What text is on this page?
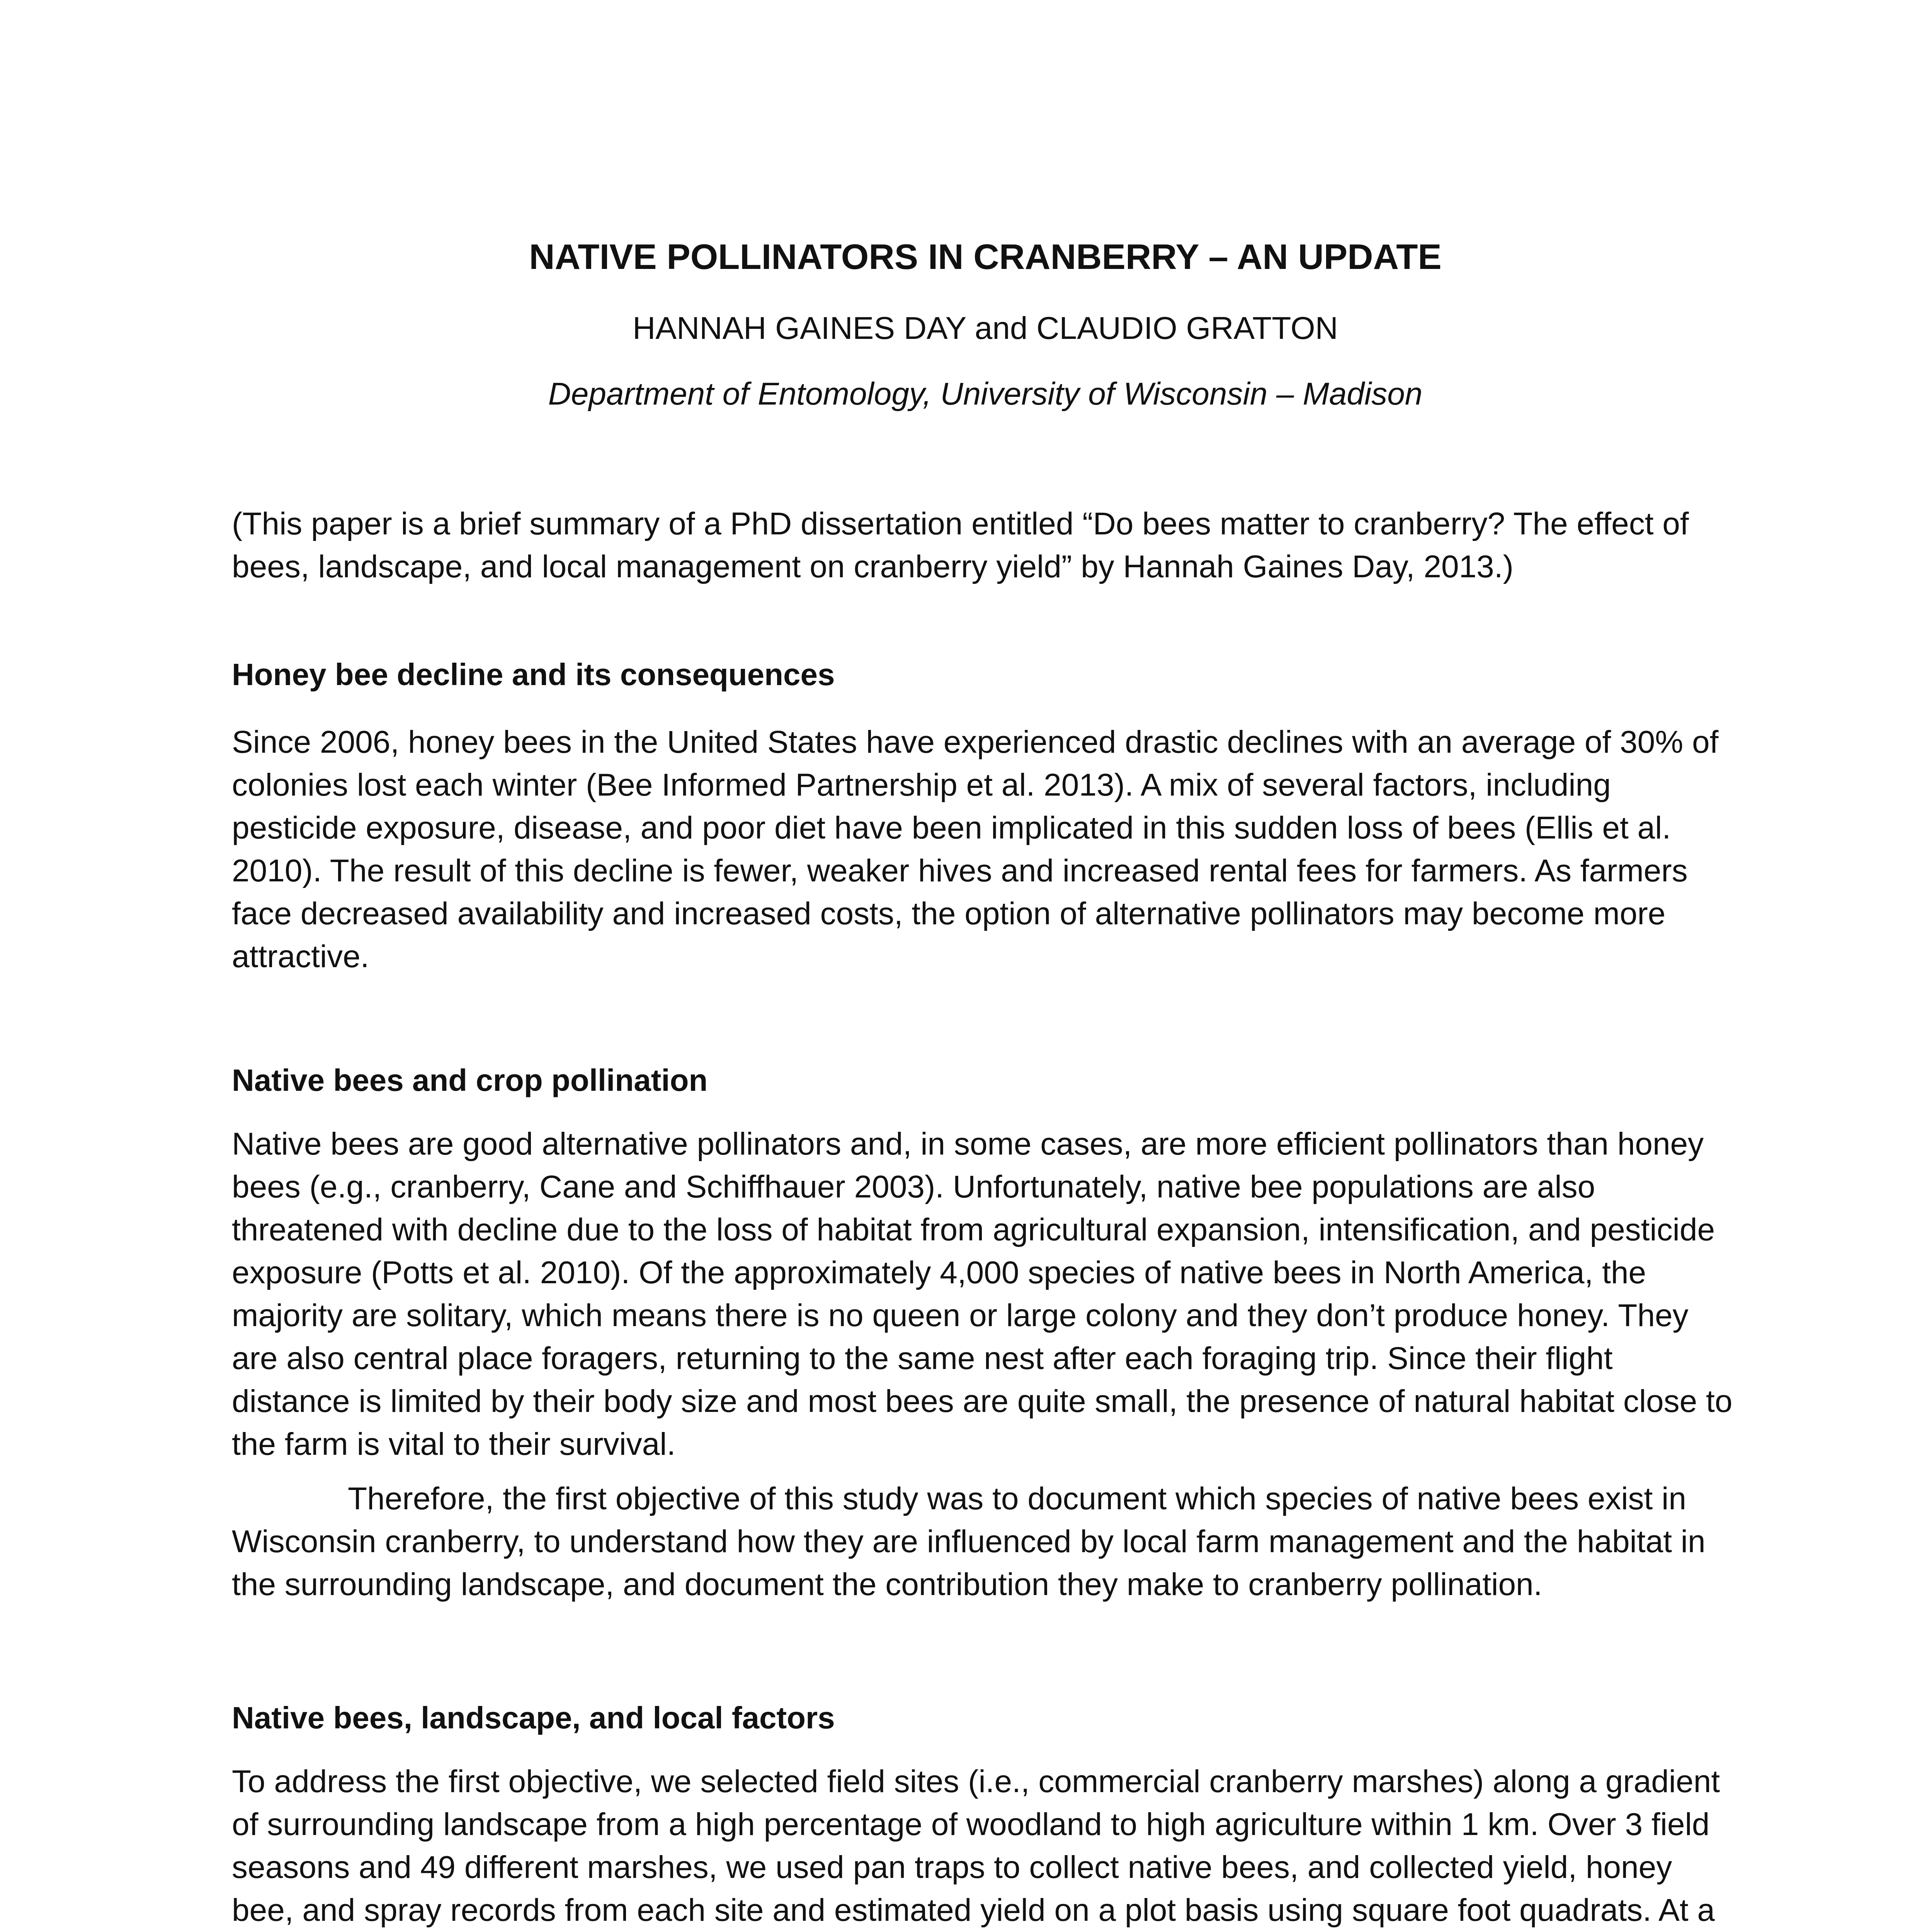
NATIVE POLLINATORS IN CRANBERRY – AN UPDATE
HANNAH GAINES DAY and CLAUDIO GRATTON
Department of Entomology, University of Wisconsin – Madison

(This paper is a brief summary of a PhD dissertation entitled “Do bees matter to cranberry? The effect of bees, landscape, and local management on cranberry yield” by Hannah Gaines Day, 2013.)

Honey bee decline and its consequences

Since 2006, honey bees in the United States have experienced drastic declines with an average of 30% of colonies lost each winter (Bee Informed Partnership et al. 2013). A mix of several factors, including pesticide exposure, disease, and poor diet have been implicated in this sudden loss of bees (Ellis et al. 2010). The result of this decline is fewer, weaker hives and increased rental fees for farmers. As farmers face decreased availability and increased costs, the option of alternative pollinators may become more attractive.

Native bees and crop pollination

Native bees are good alternative pollinators and, in some cases, are more efficient pollinators than honey bees (e.g., cranberry, Cane and Schiffhauer 2003). Unfortunately, native bee populations are also threatened with decline due to the loss of habitat from agricultural expansion, intensification, and pesticide exposure (Potts et al. 2010). Of the approximately 4,000 species of native bees in North America, the majority are solitary, which means there is no queen or large colony and they don’t produce honey. They are also central place foragers, returning to the same nest after each foraging trip. Since their flight distance is limited by their body size and most bees are quite small, the presence of natural habitat close to the farm is vital to their survival.

Therefore, the first objective of this study was to document which species of native bees exist in Wisconsin cranberry, to understand how they are influenced by local farm management and the habitat in the surrounding landscape, and document the contribution they make to cranberry pollination.

Native bees, landscape, and local factors

To address the first objective, we selected field sites (i.e., commercial cranberry marshes) along a gradient of surrounding landscape from a high percentage of woodland to high agriculture within 1 km. Over 3 field seasons and 49 different marshes, we used pan traps to collect native bees, and collected yield, honey bee, and spray records from each site and estimated yield on a plot basis using square foot quadrats. At a
